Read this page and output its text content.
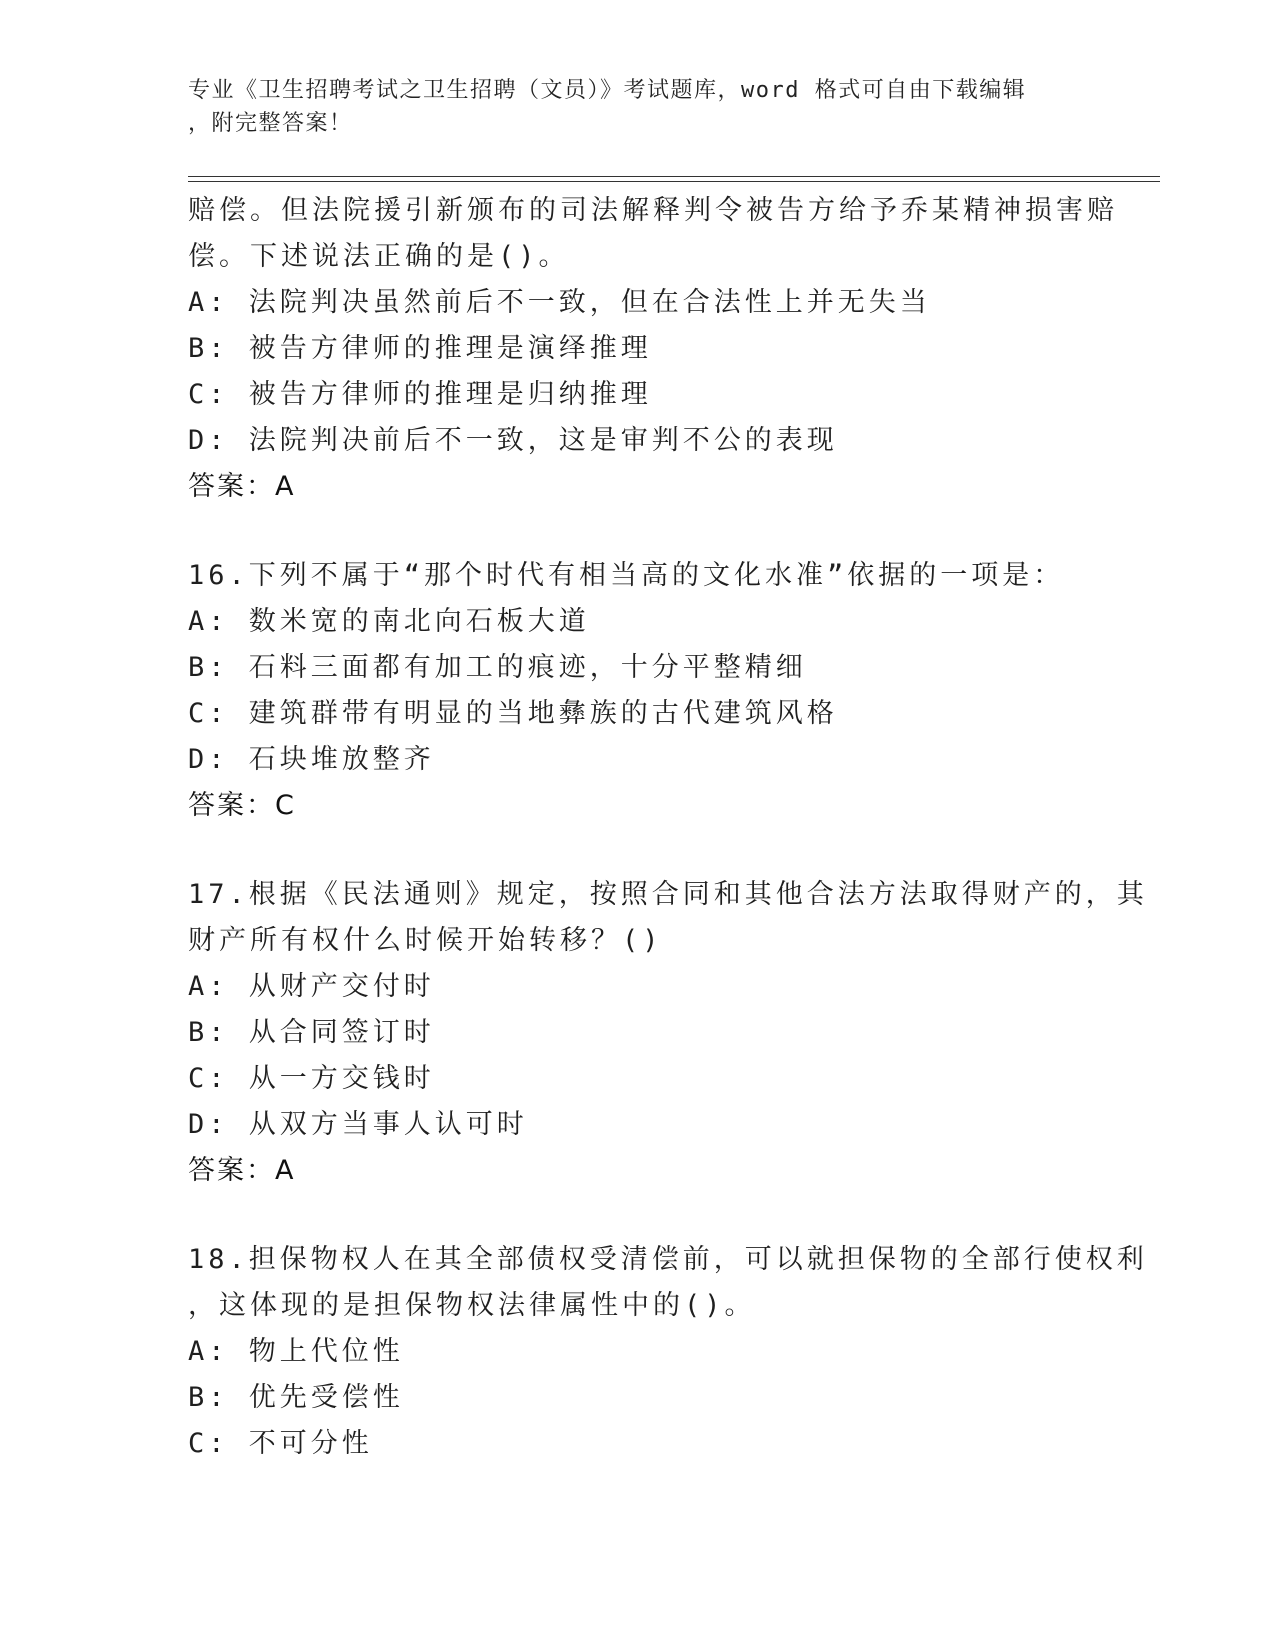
专业《卫生招聘考试之卫生招聘（文员）》考试题库，word 格式可自由下载编辑
，附完整答案！
赔偿。但法院援引新颁布的司法解释判令被告方给予乔某精神损害赔
偿。下述说法正确的是()。
A: 法院判决虽然前后不一致，但在合法性上并无失当
B: 被告方律师的推理是演绎推理
C: 被告方律师的推理是归纳推理
D: 法院判决前后不一致，这是审判不公的表现
答案：A
16.下列不属于“那个时代有相当高的文化水准”依据的一项是：
A: 数米宽的南北向石板大道
B: 石料三面都有加工的痕迹，十分平整精细
C: 建筑群带有明显的当地彝族的古代建筑风格
D: 石块堆放整齐
答案：C
17.根据《民法通则》规定，按照合同和其他合法方法取得财产的，其
财产所有权什么时候开始转移？()
A: 从财产交付时
B: 从合同签订时
C: 从一方交钱时
D: 从双方当事人认可时
答案：A
18.担保物权人在其全部债权受清偿前，可以就担保物的全部行使权利
，这体现的是担保物权法律属性中的()。
A: 物上代位性
B: 优先受偿性
C: 不可分性
